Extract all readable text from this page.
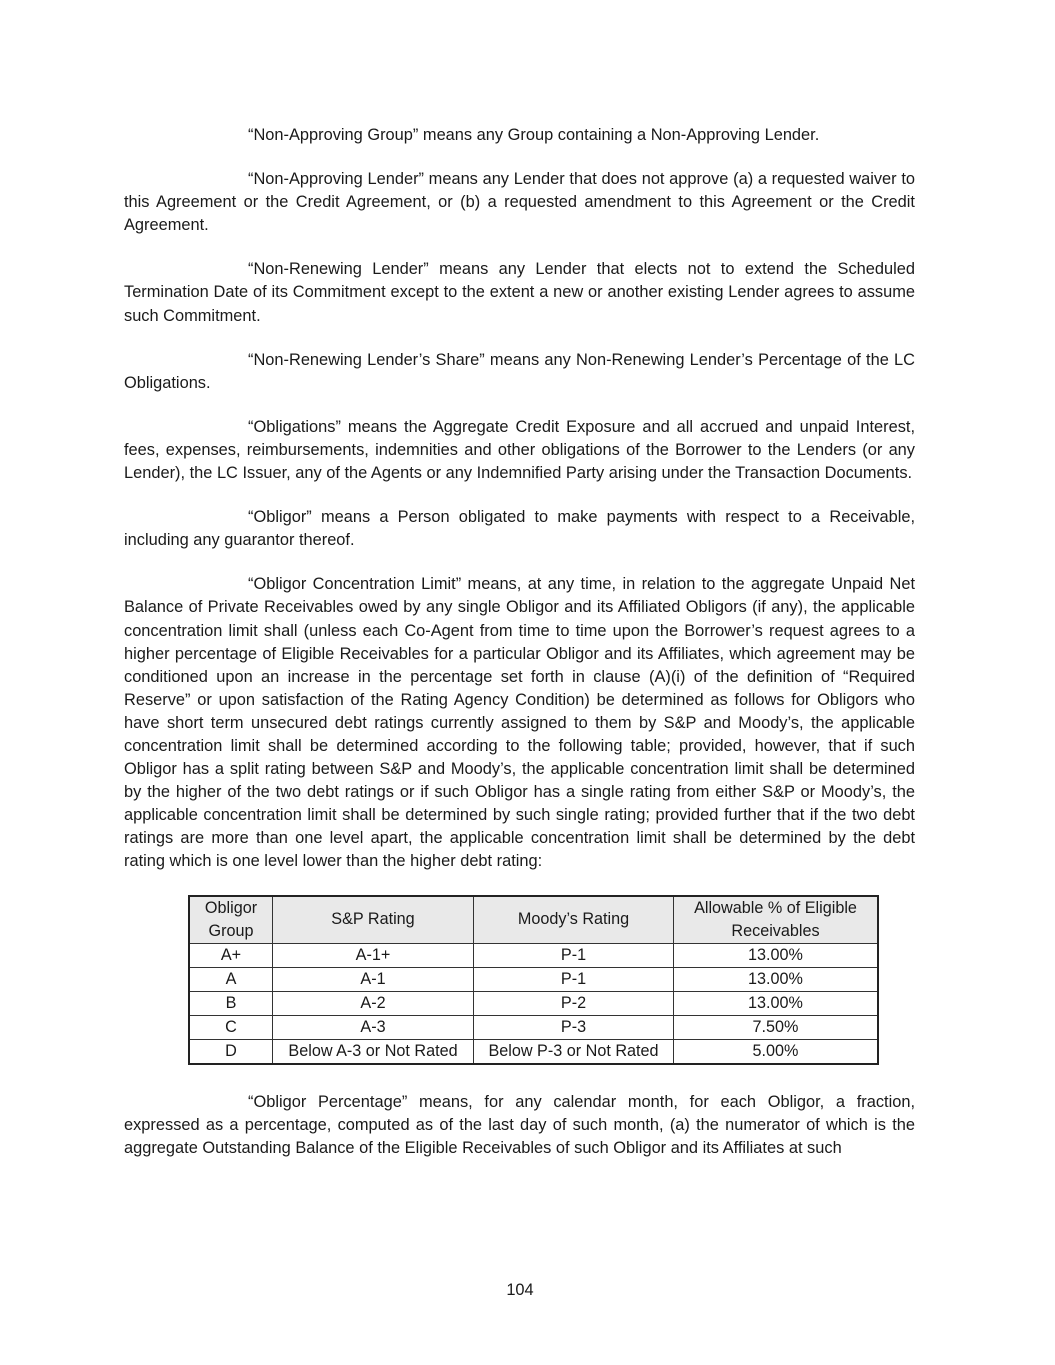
“Non-Approving Group” means any Group containing a Non-Approving Lender.

“Non-Approving Lender” means any Lender that does not approve (a) a requested waiver to this Agreement or the Credit Agreement, or (b) a requested amendment to this Agreement or the Credit Agreement.

“Non-Renewing Lender” means any Lender that elects not to extend the Scheduled Termination Date of its Commitment except to the extent a new or another existing Lender agrees to assume such Commitment.

“Non-Renewing Lender’s Share” means any Non-Renewing Lender’s Percentage of the LC Obligations.

“Obligations” means the Aggregate Credit Exposure and all accrued and unpaid Interest, fees, expenses, reimbursements, indemnities and other obligations of the Borrower to the Lenders (or any Lender), the LC Issuer, any of the Agents or any Indemnified Party arising under the Transaction Documents.

“Obligor” means a Person obligated to make payments with respect to a Receivable, including any guarantor thereof.

“Obligor Concentration Limit” means, at any time, in relation to the aggregate Unpaid Net Balance of Private Receivables owed by any single Obligor and its Affiliated Obligors (if any), the applicable concentration limit shall (unless each Co-Agent from time to time upon the Borrower’s request agrees to a higher percentage of Eligible Receivables for a particular Obligor and its Affiliates, which agreement may be conditioned upon an increase in the percentage set forth in clause (A)(i) of the definition of “Required Reserve” or upon satisfaction of the Rating Agency Condition) be determined as follows for Obligors who have short term unsecured debt ratings currently assigned to them by S&P and Moody’s, the applicable concentration limit shall be determined according to the following table; provided, however, that if such Obligor has a split rating between S&P and Moody’s, the applicable concentration limit shall be determined by the higher of the two debt ratings or if such Obligor has a single rating from either S&P or Moody’s, the applicable concentration limit shall be determined by such single rating; provided further that if the two debt ratings are more than one level apart, the applicable concentration limit shall be determined by the debt rating which is one level lower than the higher debt rating:

Obligor Group	S&P Rating	Moody’s Rating	Allowable % of Eligible Receivables
A+	A-1+	P-1	13.00%
A	A-1	P-1	13.00%
B	A-2	P-2	13.00%
C	A-3	P-3	7.50%
D	Below A-3 or Not Rated	Below P-3 or Not Rated	5.00%

“Obligor Percentage” means, for any calendar month, for each Obligor, a fraction, expressed as a percentage, computed as of the last day of such month, (a) the numerator of which is the aggregate Outstanding Balance of the Eligible Receivables of such Obligor and its Affiliates at such

104
